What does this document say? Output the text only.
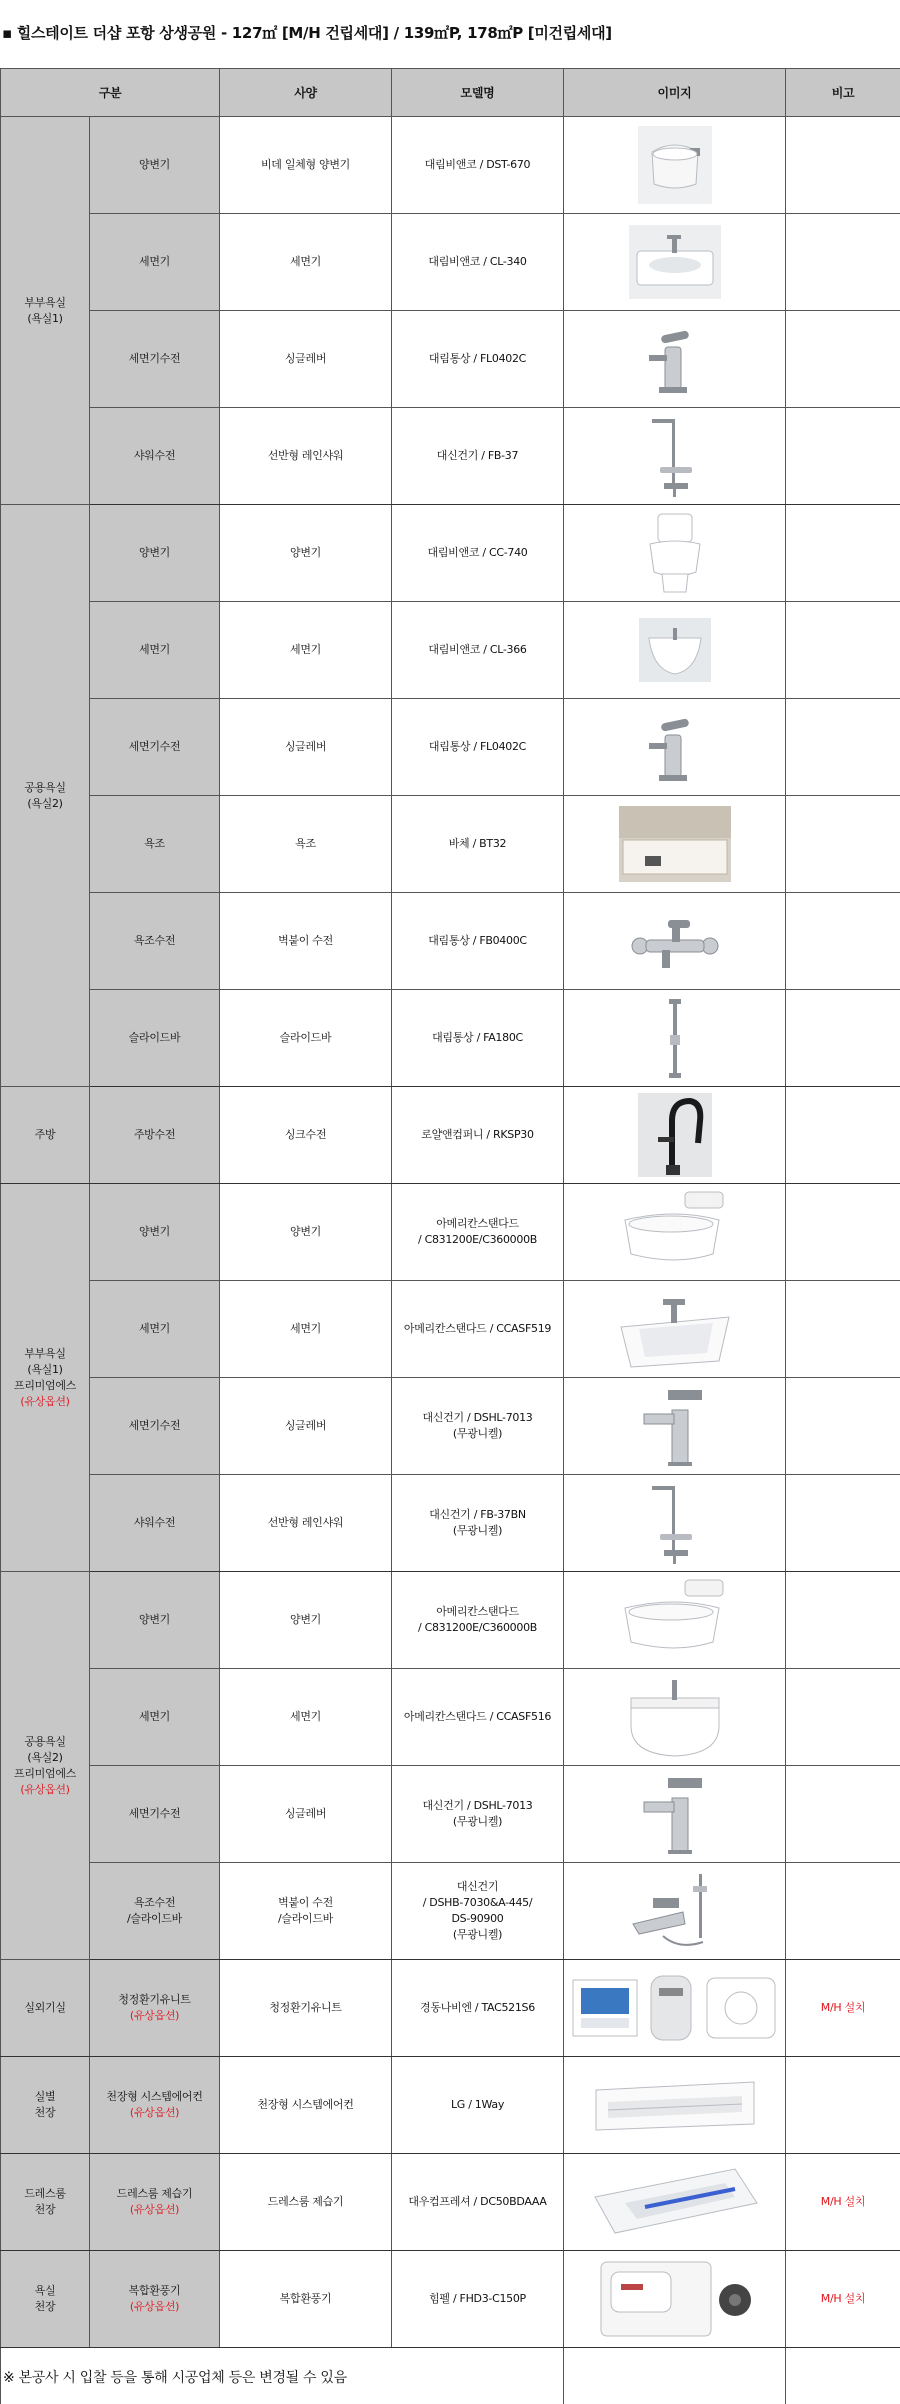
▪ 힐스테이트 더샵 포항 상생공원 - 127㎡ [M/H 건립세대] / 139㎡P, 178㎡P [미건립세대]
구분		사양	모델명	이미지	비고

부부욕실
(욕실1)	양변기	비데 일체형 양변기	대림비앤코 / DST-670

	세면기	세면기	대림비앤코 / CL-340

	세면기수전	싱글레버	대림통상 / FL0402C

	샤워수전	선반형 레인샤워	대신건기 / FB-37

공용욕실
(욕실2)	양변기	양변기	대림비앤코 / CC-740

	세면기	세면기	대림비앤코 / CL-366

	세면기수전	싱글레버	대림통상 / FL0402C

	욕조	욕조	바체 / BT32

	욕조수전	벽붙이 수전	대림통상 / FB0400C

	슬라이드바	슬라이드바	대림통상 / FA180C

주방	주방수전	싱크수전	로얄앤컴퍼니 / RKSP30

부부욕실
(욕실1)
프리미엄에스
(유상옵션)	양변기	양변기	아메리칸스탠다드
/ C831200E/C360000B

	세면기	세면기	아메리칸스탠다드 / CCASF519

	세면기수전	싱글레버	대신건기 / DSHL-7013
(무광니켈)

	샤워수전	선반형 레인샤워	대신건기 / FB-37BN
(무광니켈)

공용욕실
(욕실2)
프리미엄에스
(유상옵션)	양변기	양변기	아메리칸스탠다드
/ C831200E/C360000B

	세면기	세면기	아메리칸스탠다드 / CCASF516

	세면기수전	싱글레버	대신건기 / DSHL-7013
(무광니켈)

	욕조수전
/슬라이드바	벽붙이 수전
/슬라이드바	대신건기
/ DSHB-7030&A-445/
DS-90900
(무광니켈)

실외기실	청정환기유니트
(유상옵션)	청정환기유니트	경동나비엔 / TAC521S6		M/H 설치

실별
천장	천장형 시스템에어컨
(유상옵션)	천장형 시스템에어컨	LG / 1Way	

드레스룸
천장	드레스룸 제습기
(유상옵션)	드레스룸 제습기	대우컴프레셔 / DC50BDAAA		M/H 설치

욕실
천장	복합환풍기
(유상옵션)	복합환풍기	힘펠 / FHD3-C150P		M/H 설치
※ 본공사 시 입찰 등을 통해 시공업체 등은 변경될 수 있음					
